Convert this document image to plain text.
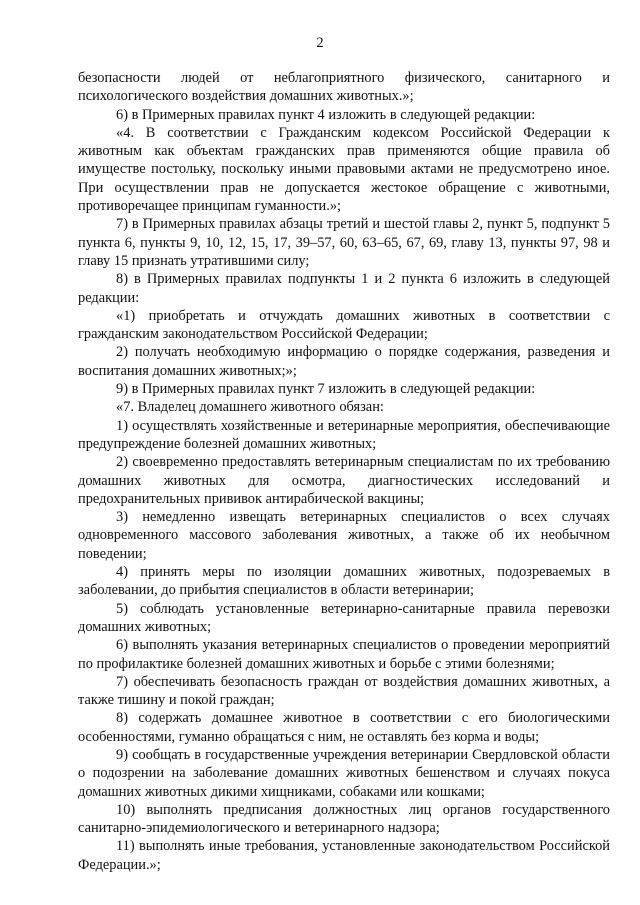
2

безопасности людей от неблагоприятного физического, санитарного и психологического воздействия домашних животных.»;

6) в Примерных правилах пункт 4 изложить в следующей редакции:

«4. В соответствии с Гражданским кодексом Российской Федерации к животным как объектам гражданских прав применяются общие правила об имуществе постольку, поскольку иными правовыми актами не предусмотрено иное. При осуществлении прав не допускается жестокое обращение с животными, противоречащее принципам гуманности.»;

7) в Примерных правилах абзацы третий и шестой главы 2, пункт 5, подпункт 5 пункта 6, пункты 9, 10, 12, 15, 17, 39–57, 60, 63–65, 67, 69, главу 13, пункты 97, 98 и главу 15 признать утратившими силу;

8) в Примерных правилах подпункты 1 и 2 пункта 6 изложить в следующей редакции:

«1) приобретать и отчуждать домашних животных в соответствии с гражданским законодательством Российской Федерации;

2) получать необходимую информацию о порядке содержания, разведения и воспитания домашних животных;»;

9) в Примерных правилах пункт 7 изложить в следующей редакции:

«7. Владелец домашнего животного обязан:

1) осуществлять хозяйственные и ветеринарные мероприятия, обеспечивающие предупреждение болезней домашних животных;

2) своевременно предоставлять ветеринарным специалистам по их требованию домашних животных для осмотра, диагностических исследований и предохранительных прививок антирабической вакцины;

3) немедленно извещать ветеринарных специалистов о всех случаях одновременного массового заболевания животных, а также об их необычном поведении;

4) принять меры по изоляции домашних животных, подозреваемых в заболевании, до прибытия специалистов в области ветеринарии;

5) соблюдать установленные ветеринарно-санитарные правила перевозки домашних животных;

6) выполнять указания ветеринарных специалистов о проведении мероприятий по профилактике болезней домашних животных и борьбе с этими болезнями;

7) обеспечивать безопасность граждан от воздействия домашних животных, а также тишину и покой граждан;

8) содержать домашнее животное в соответствии с его биологическими особенностями, гуманно обращаться с ним, не оставлять без корма и воды;

9) сообщать в государственные учреждения ветеринарии Свердловской области о подозрении на заболевание домашних животных бешенством и случаях покуса домашних животных дикими хищниками, собаками или кошками;

10) выполнять предписания должностных лиц органов государственного санитарно-эпидемиологического и ветеринарного надзора;

11) выполнять иные требования, установленные законодательством Российской Федерации.»;
